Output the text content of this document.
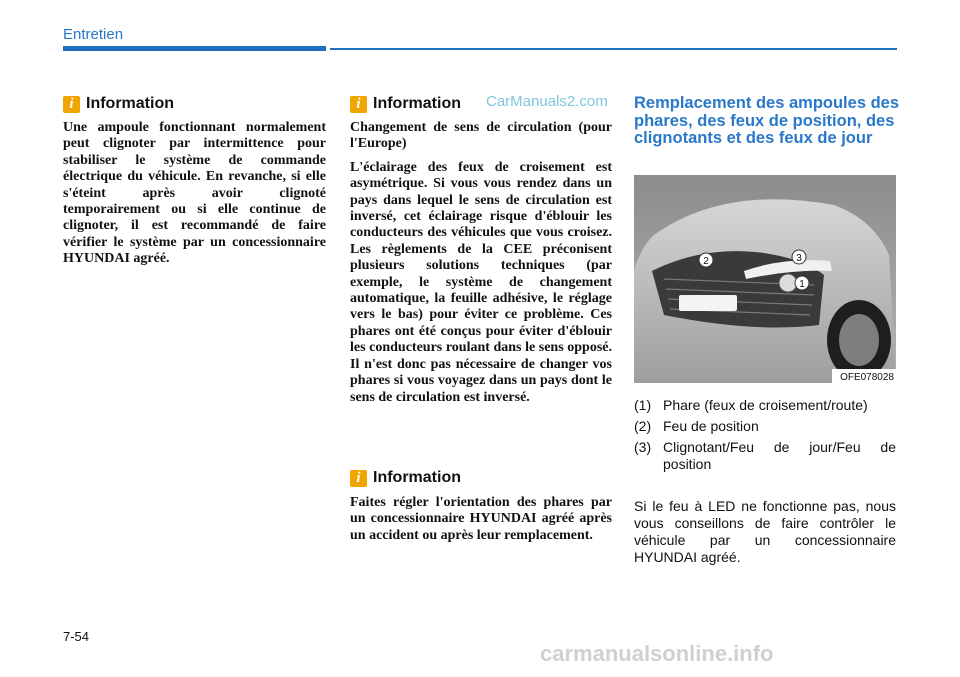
Entretien
i Information

Une ampoule fonctionnant normalement peut clignoter par intermittence pour stabiliser le système de commande électrique du véhicule. En revanche, si elle s'éteint après avoir clignoté temporairement ou si elle continue de clignoter, il est recommandé de faire vérifier le système par un concessionnaire HYUNDAI agréé.

i Information CarManuals2.com

Changement de sens de circulation (pour l'Europe)

L'éclairage des feux de croisement est asymétrique. Si vous vous rendez dans un pays dans lequel le sens de circulation est inversé, cet éclairage risque d'éblouir les conducteurs des véhicules que vous croisez. Les règlements de la CEE préconisent plusieurs solutions techniques (par exemple, le système de changement automatique, la feuille adhésive, le réglage vers le bas) pour éviter ce problème. Ces phares ont été conçus pour éviter d'éblouir les conducteurs roulant dans le sens opposé. Il n'est donc pas nécessaire de changer vos phares si vous voyagez dans un pays dont le sens de circulation est inversé.

i Information

Faites régler l'orientation des phares par un concessionnaire HYUNDAI agréé après un accident ou après leur remplacement.

Remplacement des ampoules des phares, des feux de position, des clignotants et des feux de jour
2	3
1
OFE078028
(1) Phare (feux de croisement/route)
(2) Feu de position
(3) Clignotant/Feu de jour/Feu de position
Si le feu à LED ne fonctionne pas, nous vous conseillons de faire contrôler le véhicule par un concessionnaire HYUNDAI agréé.
7-54
carmanualsonline.info
